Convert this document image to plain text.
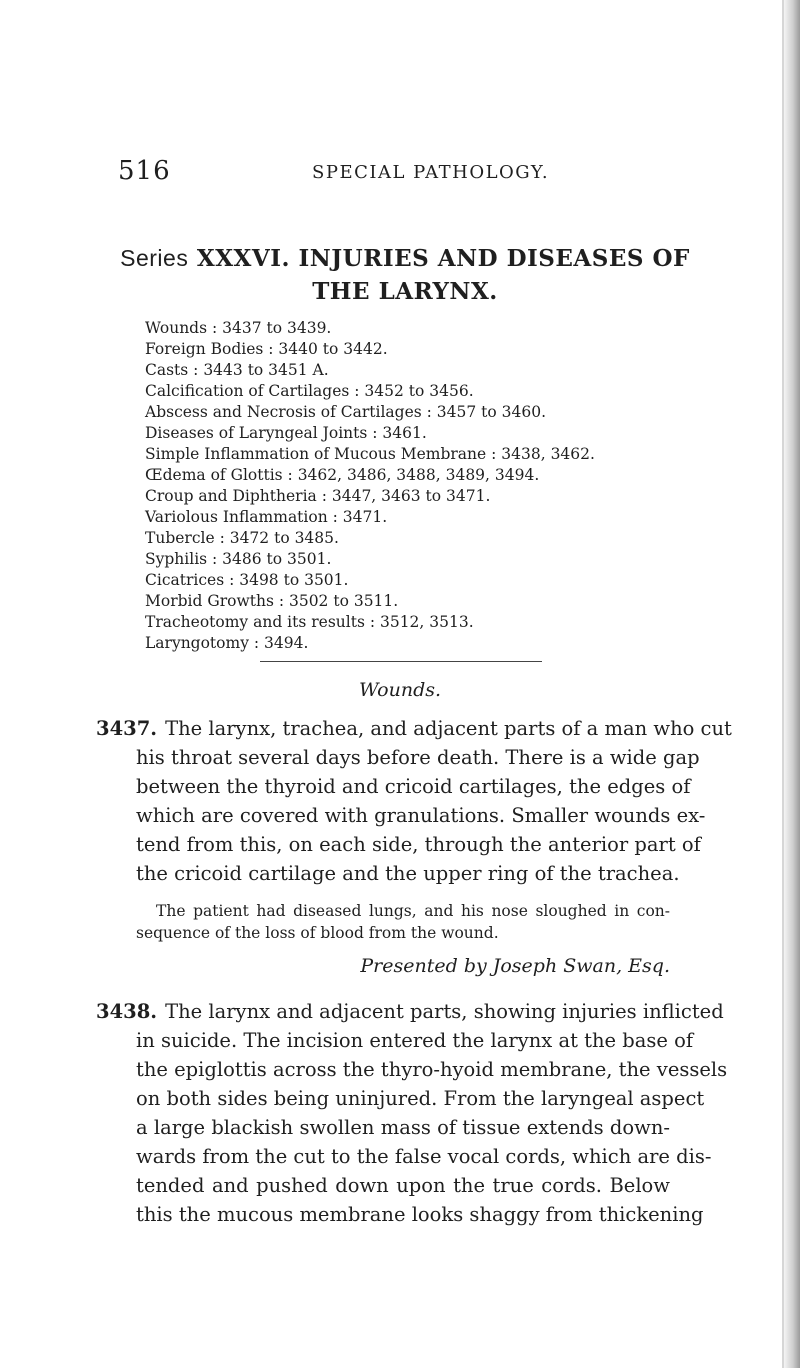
516	SPECIAL PATHOLOGY.
Series XXXVI. INJURIES AND DISEASES OF
THE LARYNX.
Wounds : 3437 to 3439.
Foreign Bodies : 3440 to 3442.
Casts : 3443 to 3451 A.
Calcification of Cartilages : 3452 to 3456.
Abscess and Necrosis of Cartilages : 3457 to 3460.
Diseases of Laryngeal Joints : 3461.
Simple Inflammation of Mucous Membrane : 3438, 3462.
Œdema of Glottis : 3462, 3486, 3488, 3489, 3494.
Croup and Diphtheria : 3447, 3463 to 3471.
Variolous Inflammation : 3471.
Tubercle : 3472 to 3485.
Syphilis : 3486 to 3501.
Cicatrices : 3498 to 3501.
Morbid Growths : 3502 to 3511.
Tracheotomy and its results : 3512, 3513.
Laryngotomy : 3494.
Wounds.
3437. The larynx, trachea, and adjacent parts of a man who cut
his throat several days before death. There is a wide gap
between the thyroid and cricoid cartilages, the edges of
which are covered with granulations. Smaller wounds ex-
tend from this, on each side, through the anterior part of
the cricoid cartilage and the upper ring of the trachea.
The patient had diseased lungs, and his nose sloughed in con-
sequence of the loss of blood from the wound.
Presented by Joseph Swan, Esq.
3438. The larynx and adjacent parts, showing injuries inflicted
in suicide. The incision entered the larynx at the base of
the epiglottis across the thyro-hyoid membrane, the vessels
on both sides being uninjured. From the laryngeal aspect
a large blackish swollen mass of tissue extends down-
wards from the cut to the false vocal cords, which are dis-
tended and pushed down upon the true cords. Below
this the mucous membrane looks shaggy from thickening
